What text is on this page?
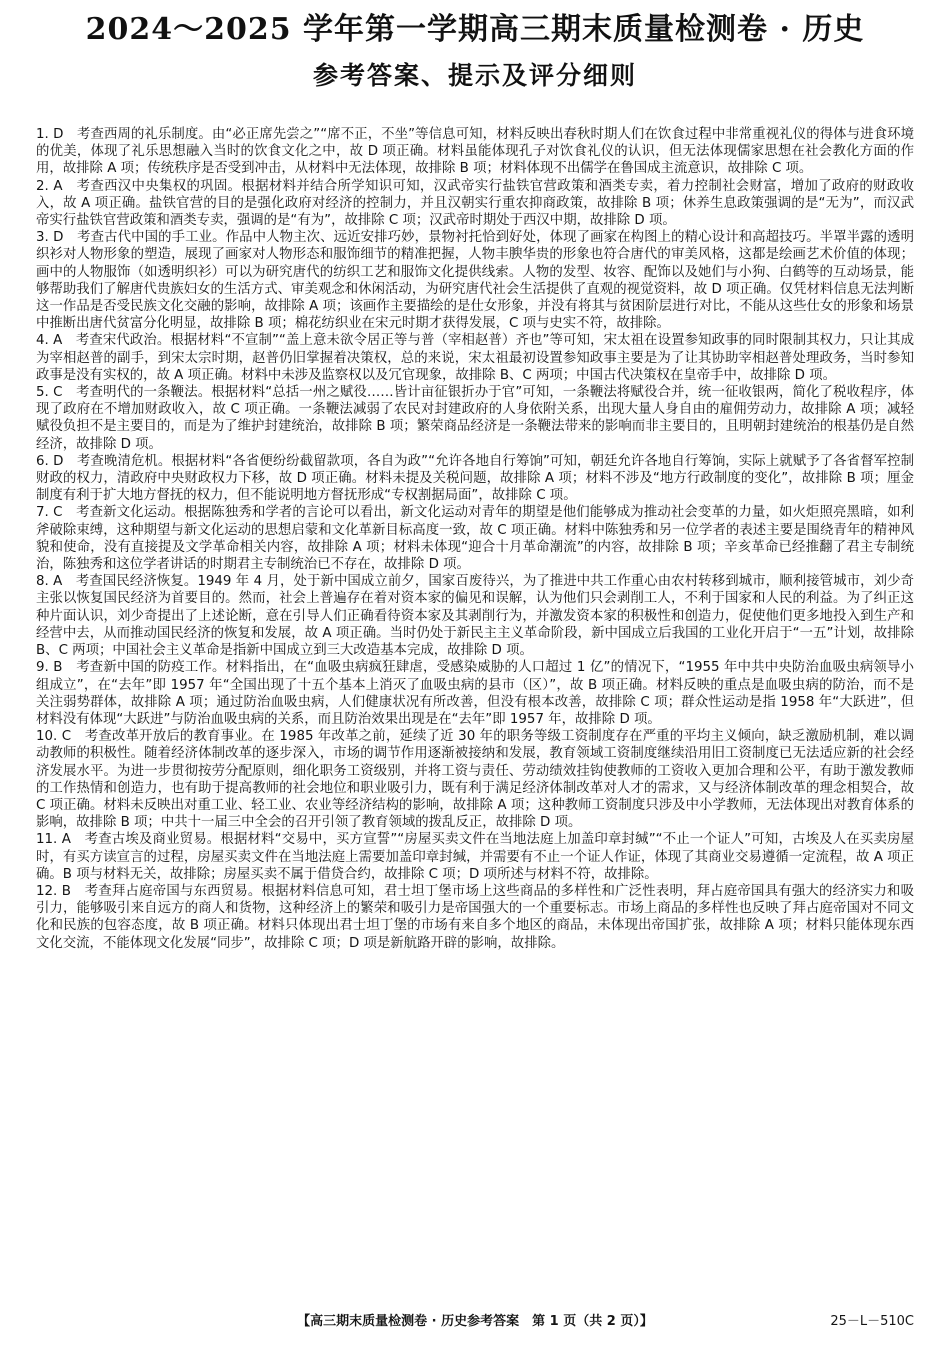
2024～2025 学年第一学期高三期末质量检测卷 · 历史
参考答案、提示及评分细则

1. D　考查西周的礼乐制度。由“必正席先尝之”“席不正，不坐”等信息可知，材料反映出春秋时期人们在饮食过程中非常重视礼仪的得体与进食环境的优美，体现了礼乐思想融入当时的饮食文化之中，故 D 项正确。材料虽能体现孔子对饮食礼仪的认识，但无法体现儒家思想在社会教化方面的作用，故排除 A 项；传统秩序是否受到冲击，从材料中无法体现，故排除 B 项；材料体现不出儒学在鲁国成主流意识，故排除 C 项。

2. A　考查西汉中央集权的巩固。根据材料并结合所学知识可知，汉武帝实行盐铁官营政策和酒类专卖，着力控制社会财富，增加了政府的财政收入，故 A 项正确。盐铁官营的目的是强化政府对经济的控制力，并且汉朝实行重农抑商政策，故排除 B 项；休养生息政策强调的是“无为”，而汉武帝实行盐铁官营政策和酒类专卖，强调的是“有为”，故排除 C 项；汉武帝时期处于西汉中期，故排除 D 项。

3. D　考查古代中国的手工业。作品中人物主次、远近安排巧妙，景物衬托恰到好处，体现了画家在构图上的精心设计和高超技巧。半罩半露的透明织衫对人物形象的塑造，展现了画家对人物形态和服饰细节的精准把握，人物丰腴华贵的形象也符合唐代的审美风格，这都是绘画艺术价值的体现；画中的人物服饰（如透明织衫）可以为研究唐代的纺织工艺和服饰文化提供线索。人物的发型、妆容、配饰以及她们与小狗、白鹤等的互动场景，能够帮助我们了解唐代贵族妇女的生活方式、审美观念和休闲活动，为研究唐代社会生活提供了直观的视觉资料，故 D 项正确。仅凭材料信息无法判断这一作品是否受民族文化交融的影响，故排除 A 项；该画作主要描绘的是仕女形象，并没有将其与贫困阶层进行对比，不能从这些仕女的形象和场景中推断出唐代贫富分化明显，故排除 B 项；棉花纺织业在宋元时期才获得发展，C 项与史实不符，故排除。

4. A　考查宋代政治。根据材料“不宣制”“盖上意未欲令居正等与普（宰相赵普）齐也”等可知，宋太祖在设置参知政事的同时限制其权力，只让其成为宰相赵普的副手，到宋太宗时期，赵普仍旧掌握着决策权，总的来说，宋太祖最初设置参知政事主要是为了让其协助宰相赵普处理政务，当时参知政事是没有实权的，故 A 项正确。材料中未涉及监察权以及冗官现象，故排除 B、C 两项；中国古代决策权在皇帝手中，故排除 D 项。

5. C　考查明代的一条鞭法。根据材料“总括一州之赋役……皆计亩征银折办于官”可知，一条鞭法将赋役合并，统一征收银两，简化了税收程序，体现了政府在不增加财政收入，故 C 项正确。一条鞭法减弱了农民对封建政府的人身依附关系，出现大量人身自由的雇佣劳动力，故排除 A 项；减轻赋役负担不是主要目的，而是为了维护封建统治，故排除 B 项；繁荣商品经济是一条鞭法带来的影响而非主要目的，且明朝封建统治的根基仍是自然经济，故排除 D 项。

6. D　考查晚清危机。根据材料“各省便纷纷截留款项，各自为政”“允许各地自行筹饷”可知，朝廷允许各地自行筹饷，实际上就赋予了各省督军控制财政的权力，清政府中央财政权力下移，故 D 项正确。材料未提及关税问题，故排除 A 项；材料不涉及“地方行政制度的变化”，故排除 B 项；厘金制度有利于扩大地方督抚的权力，但不能说明地方督抚形成“专权割据局面”，故排除 C 项。

7. C　考查新文化运动。根据陈独秀和学者的言论可以看出，新文化运动对青年的期望是他们能够成为推动社会变革的力量，如火炬照亮黑暗，如利斧破除束缚，这种期望与新文化运动的思想启蒙和文化革新目标高度一致，故 C 项正确。材料中陈独秀和另一位学者的表述主要是围绕青年的精神风貌和使命，没有直接提及文学革命相关内容，故排除 A 项；材料未体现“迎合十月革命潮流”的内容，故排除 B 项；辛亥革命已经推翻了君主专制统治，陈独秀和这位学者讲话的时期君主专制统治已不存在，故排除 D 项。

8. A　考查国民经济恢复。1949 年 4 月，处于新中国成立前夕，国家百废待兴，为了推进中共工作重心由农村转移到城市，顺利接管城市，刘少奇主张以恢复国民经济为首要目的。然而，社会上普遍存在着对资本家的偏见和误解，认为他们只会剥削工人，不利于国家和人民的利益。为了纠正这种片面认识，刘少奇提出了上述论断，意在引导人们正确看待资本家及其剥削行为，并激发资本家的积极性和创造力，促使他们更多地投入到生产和经营中去，从而推动国民经济的恢复和发展，故 A 项正确。当时仍处于新民主主义革命阶段，新中国成立后我国的工业化开启于“一五”计划，故排除 B、C 两项；中国社会主义革命是指新中国成立到三大改造基本完成，故排除 D 项。

9. B　考查新中国的防疫工作。材料指出，在“血吸虫病疯狂肆虐，受感染威胁的人口超过 1 亿”的情况下，“1955 年中共中央防治血吸虫病领导小组成立”，在“去年”即 1957 年“全国出现了十五个基本上消灭了血吸虫病的县市（区）”，故 B 项正确。材料反映的重点是血吸虫病的防治，而不是关注弱势群体，故排除 A 项；通过防治血吸虫病，人们健康状况有所改善，但没有根本改善，故排除 C 项；群众性运动是指 1958 年“大跃进”，但材料没有体现“大跃进”与防治血吸虫病的关系，而且防治效果出现是在“去年”即 1957 年，故排除 D 项。

10. C　考查改革开放后的教育事业。在 1985 年改革之前，延续了近 30 年的职务等级工资制度存在严重的平均主义倾向，缺乏激励机制，难以调动教师的积极性。随着经济体制改革的逐步深入，市场的调节作用逐渐被接纳和发展，教育领域工资制度继续沿用旧工资制度已无法适应新的社会经济发展水平。为进一步贯彻按劳分配原则，细化职务工资级别，并将工资与责任、劳动绩效挂钩使教师的工资收入更加合理和公平，有助于激发教师的工作热情和创造力，也有助于提高教师的社会地位和职业吸引力，既有利于满足经济体制改革对人才的需求，又与经济体制改革的理念相契合，故 C 项正确。材料未反映出对重工业、轻工业、农业等经济结构的影响，故排除 A 项；这种教师工资制度只涉及中小学教师，无法体现出对教育体系的影响，故排除 B 项；中共十一届三中全会的召开引领了教育领域的拨乱反正，故排除 D 项。

11. A　考查古埃及商业贸易。根据材料“交易中，买方宣誓”“房屋买卖文件在当地法庭上加盖印章封缄”“不止一个证人”可知，古埃及人在买卖房屋时，有买方读宣言的过程，房屋买卖文件在当地法庭上需要加盖印章封缄，并需要有不止一个证人作证，体现了其商业交易遵循一定流程，故 A 项正确。B 项与材料无关，故排除；房屋买卖不属于借贷合约，故排除 C 项；D 项所述与材料不符，故排除。

12. B　考查拜占庭帝国与东西贸易。根据材料信息可知，君士坦丁堡市场上这些商品的多样性和广泛性表明，拜占庭帝国具有强大的经济实力和吸引力，能够吸引来自远方的商人和货物，这种经济上的繁荣和吸引力是帝国强大的一个重要标志。市场上商品的多样性也反映了拜占庭帝国对不同文化和民族的包容态度，故 B 项正确。材料只体现出君士坦丁堡的市场有来自多个地区的商品，未体现出帝国扩张，故排除 A 项；材料只能体现东西文化交流，不能体现文化发展“同步”，故排除 C 项；D 项是新航路开辟的影响，故排除。

【高三期末质量检测卷 · 历史参考答案　第 1 页（共 2 页）】	25－L－510C
